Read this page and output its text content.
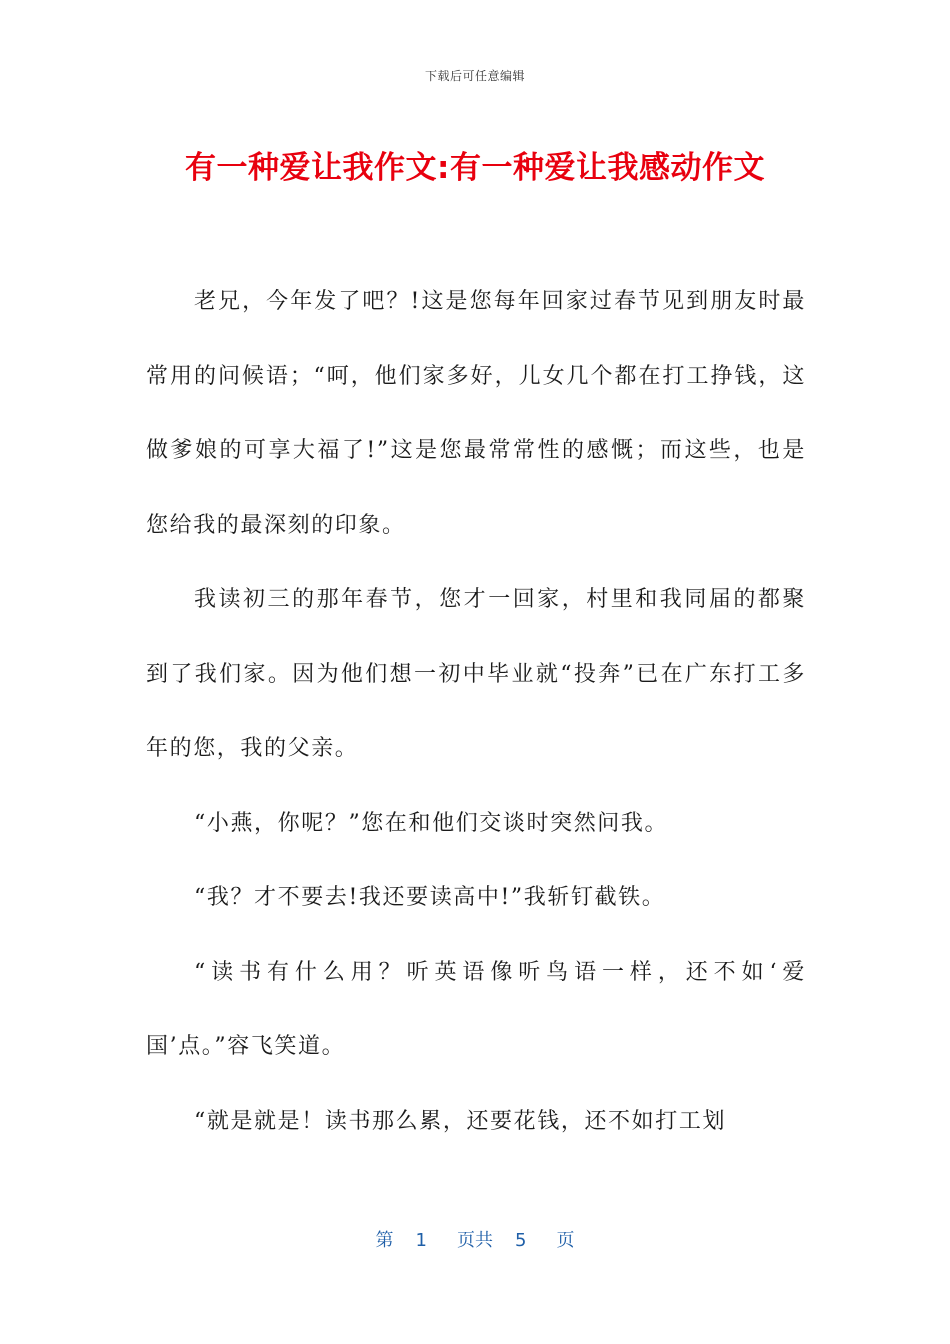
下载后可任意编辑
有一种爱让我作文:有一种爱让我感动作文

老兄，今年发了吧？!这是您每年回家过春节见到朋友时最常用的问候语；“呵，他们家多好，儿女几个都在打工挣钱，这做爹娘的可享大福了!”这是您最常常性的感慨；而这些，也是您给我的最深刻的印象。

我读初三的那年春节，您才一回家，村里和我同届的都聚到了我们家。因为他们想一初中毕业就“投奔”已在广东打工多年的您，我的父亲。

“小燕，你呢？”您在和他们交谈时突然问我。

“我？才不要去!我还要读高中!”我斩钉截铁。

“读书有什么用？听英语像听鸟语一样，还不如‘爱国’点。”容飞笑道。

“就是就是！读书那么累，还要花钱，还不如打工划

第 1 页共 5 页
